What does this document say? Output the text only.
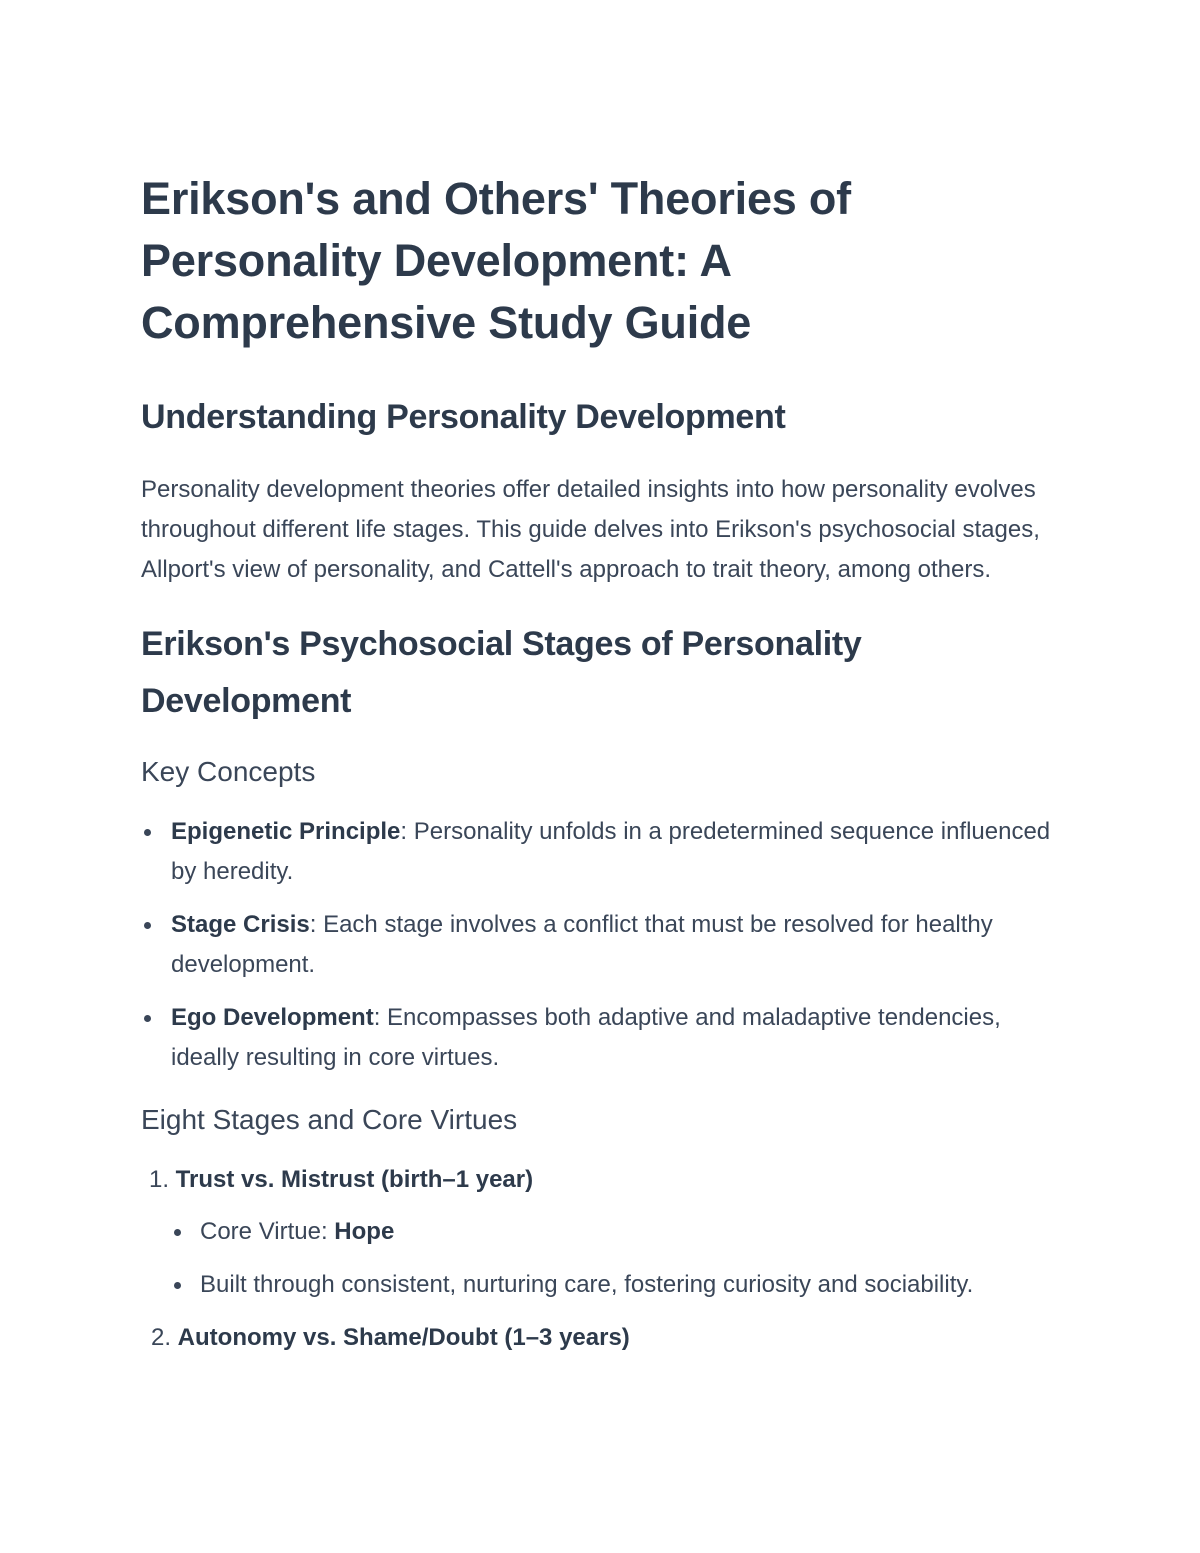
Erikson's and Others' Theories of Personality Development: A Comprehensive Study Guide
Understanding Personality Development

Personality development theories offer detailed insights into how personality evolves throughout different life stages. This guide delves into Erikson's psychosocial stages, Allport's view of personality, and Cattell's approach to trait theory, among others.

Erikson's Psychosocial Stages of Personality Development
Key Concepts
Epigenetic Principle: Personality unfolds in a predetermined sequence influenced by heredity.
Stage Crisis: Each stage involves a conflict that must be resolved for healthy development.
Ego Development: Encompasses both adaptive and maladaptive tendencies, ideally resulting in core virtues.
Eight Stages and Core Virtues
1. Trust vs. Mistrust (birth–1 year)
Core Virtue: Hope
Built through consistent, nurturing care, fostering curiosity and sociability.
2. Autonomy vs. Shame/Doubt (1–3 years)
